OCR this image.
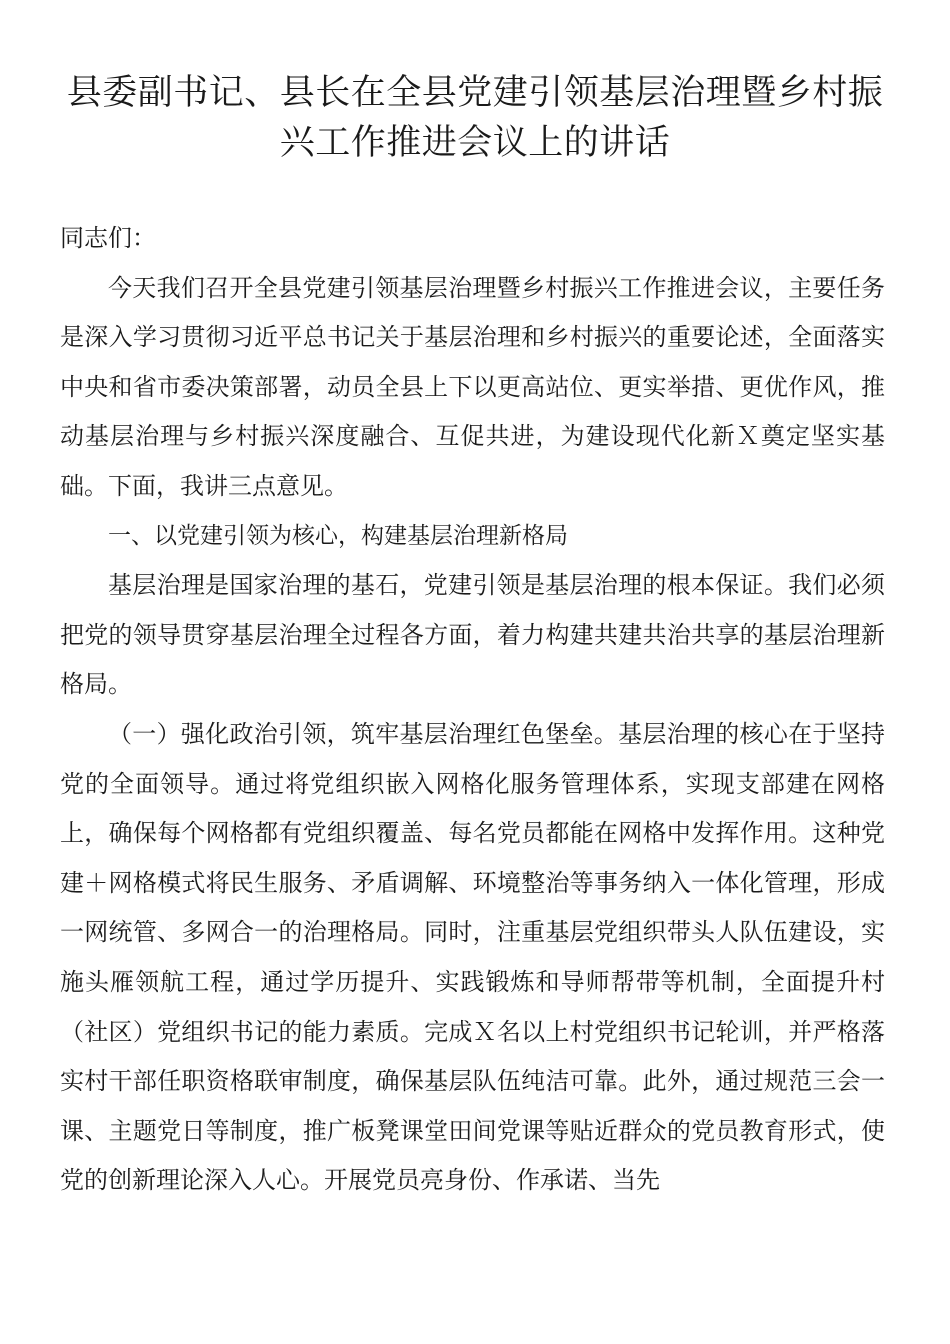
县委副书记、县长在全县党建引领基层治理暨乡村振兴工作推进会议上的讲话

同志们：

今天我们召开全县党建引领基层治理暨乡村振兴工作推进会议，主要任务是深入学习贯彻习近平总书记关于基层治理和乡村振兴的重要论述，全面落实中央和省市委决策部署，动员全县上下以更高站位、更实举措、更优作风，推动基层治理与乡村振兴深度融合、互促共进，为建设现代化新Ｘ奠定坚实基础。下面，我讲三点意见。

一、以党建引领为核心，构建基层治理新格局

基层治理是国家治理的基石，党建引领是基层治理的根本保证。我们必须把党的领导贯穿基层治理全过程各方面，着力构建共建共治共享的基层治理新格局。

（一）强化政治引领，筑牢基层治理红色堡垒。基层治理的核心在于坚持党的全面领导。通过将党组织嵌入网格化服务管理体系，实现支部建在网格上，确保每个网格都有党组织覆盖、每名党员都能在网格中发挥作用。这种党建＋网格模式将民生服务、矛盾调解、环境整治等事务纳入一体化管理，形成一网统管、多网合一的治理格局。同时，注重基层党组织带头人队伍建设，实施头雁领航工程，通过学历提升、实践锻炼和导师帮带等机制，全面提升村（社区）党组织书记的能力素质。完成Ｘ名以上村党组织书记轮训，并严格落实村干部任职资格联审制度，确保基层队伍纯洁可靠。此外，通过规范三会一课、主题党日等制度，推广板凳课堂田间党课等贴近群众的党员教育形式，使党的创新理论深入人心。开展党员亮身份、作承诺、当先
